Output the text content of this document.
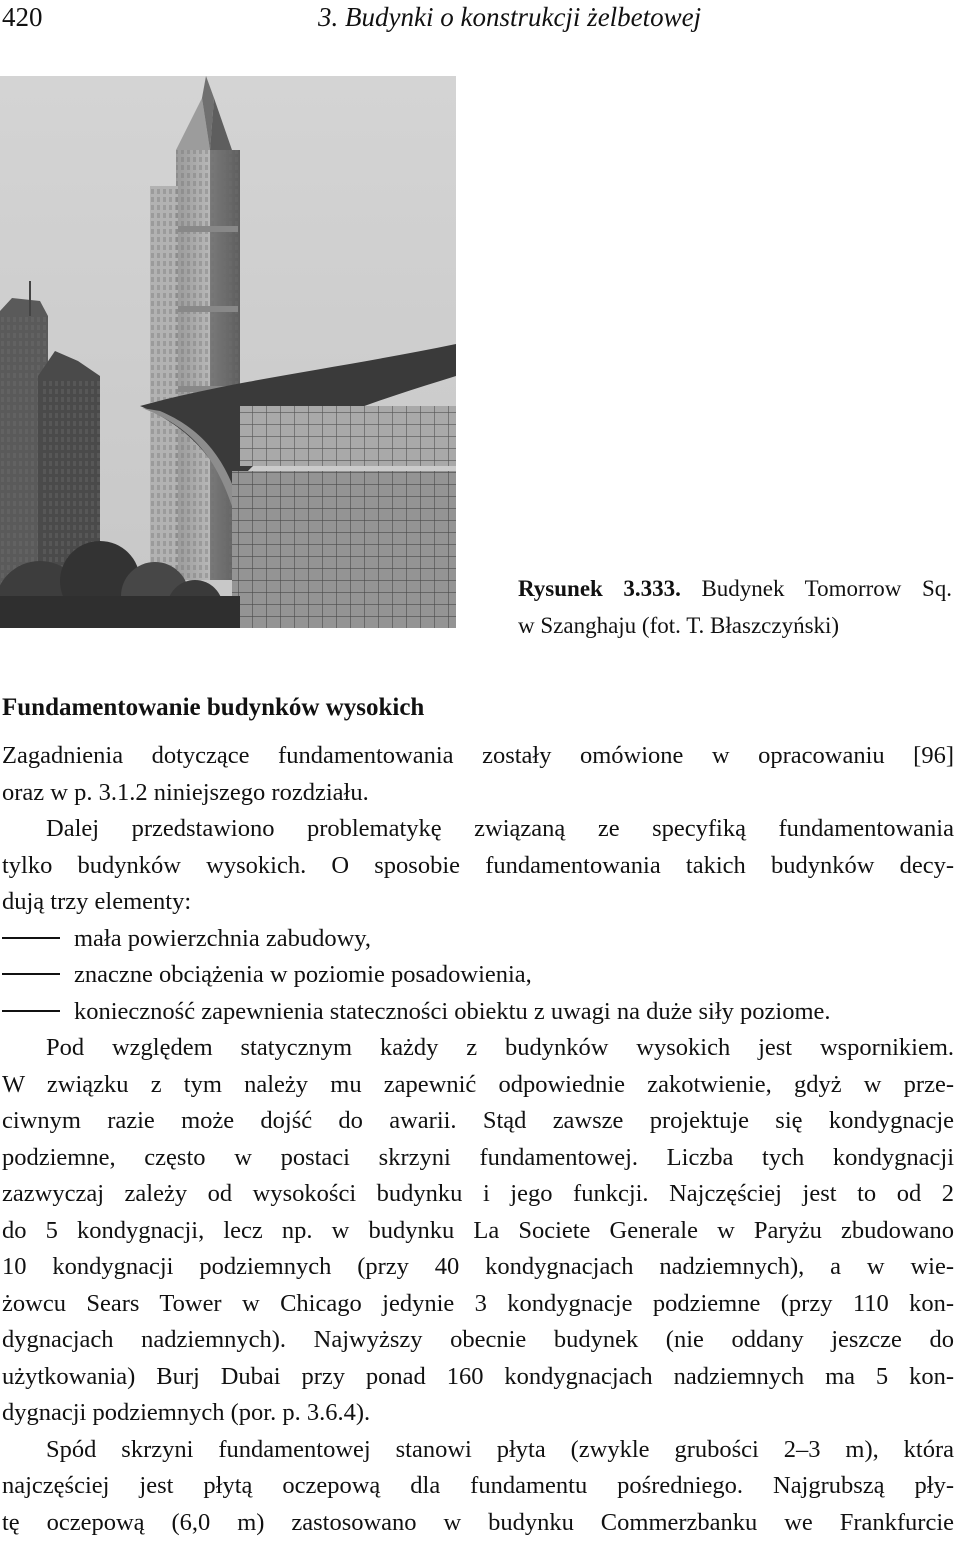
420	3. Budynki o konstrukcji żelbetowej
Rysunek 3.333. Budynek Tomorrow Sq.
w Szanghaju (fot. T. Błaszczyński)
Fundamentowanie budynków wysokich
Zagadnienia dotyczące fundamentowania zostały omówione w opracowaniu [96]
oraz w p. 3.1.2 niniejszego rozdziału.
Dalej przedstawiono problematykę związaną ze specyfiką fundamentowania
tylko budynków wysokich. O sposobie fundamentowania takich budynków decy-
dują trzy elementy:
mała powierzchnia zabudowy,
znaczne obciążenia w poziomie posadowienia,
konieczność zapewnienia stateczności obiektu z uwagi na duże siły poziome.
Pod względem statycznym każdy z budynków wysokich jest wspornikiem.
W związku z tym należy mu zapewnić odpowiednie zakotwienie, gdyż w prze-
ciwnym razie może dojść do awarii. Stąd zawsze projektuje się kondygnacje
podziemne, często w postaci skrzyni fundamentowej. Liczba tych kondygnacji
zazwyczaj zależy od wysokości budynku i jego funkcji. Najczęściej jest to od 2
do 5 kondygnacji, lecz np. w budynku La Societe Generale w Paryżu zbudowano
10 kondygnacji podziemnych (przy 40 kondygnacjach nadziemnych), a w wie-
żowcu Sears Tower w Chicago jedynie 3 kondygnacje podziemne (przy 110 kon-
dygnacjach nadziemnych). Najwyższy obecnie budynek (nie oddany jeszcze do
użytkowania) Burj Dubai przy ponad 160 kondygnacjach nadziemnych ma 5 kon-
dygnacji podziemnych (por. p. 3.6.4).
Spód skrzyni fundamentowej stanowi płyta (zwykle grubości 2–3 m), która
najczęściej jest płytą oczepową dla fundamentu pośredniego. Najgrubszą pły-
tę oczepową (6,0 m) zastosowano w budynku Commerzbanku we Frankfurcie
